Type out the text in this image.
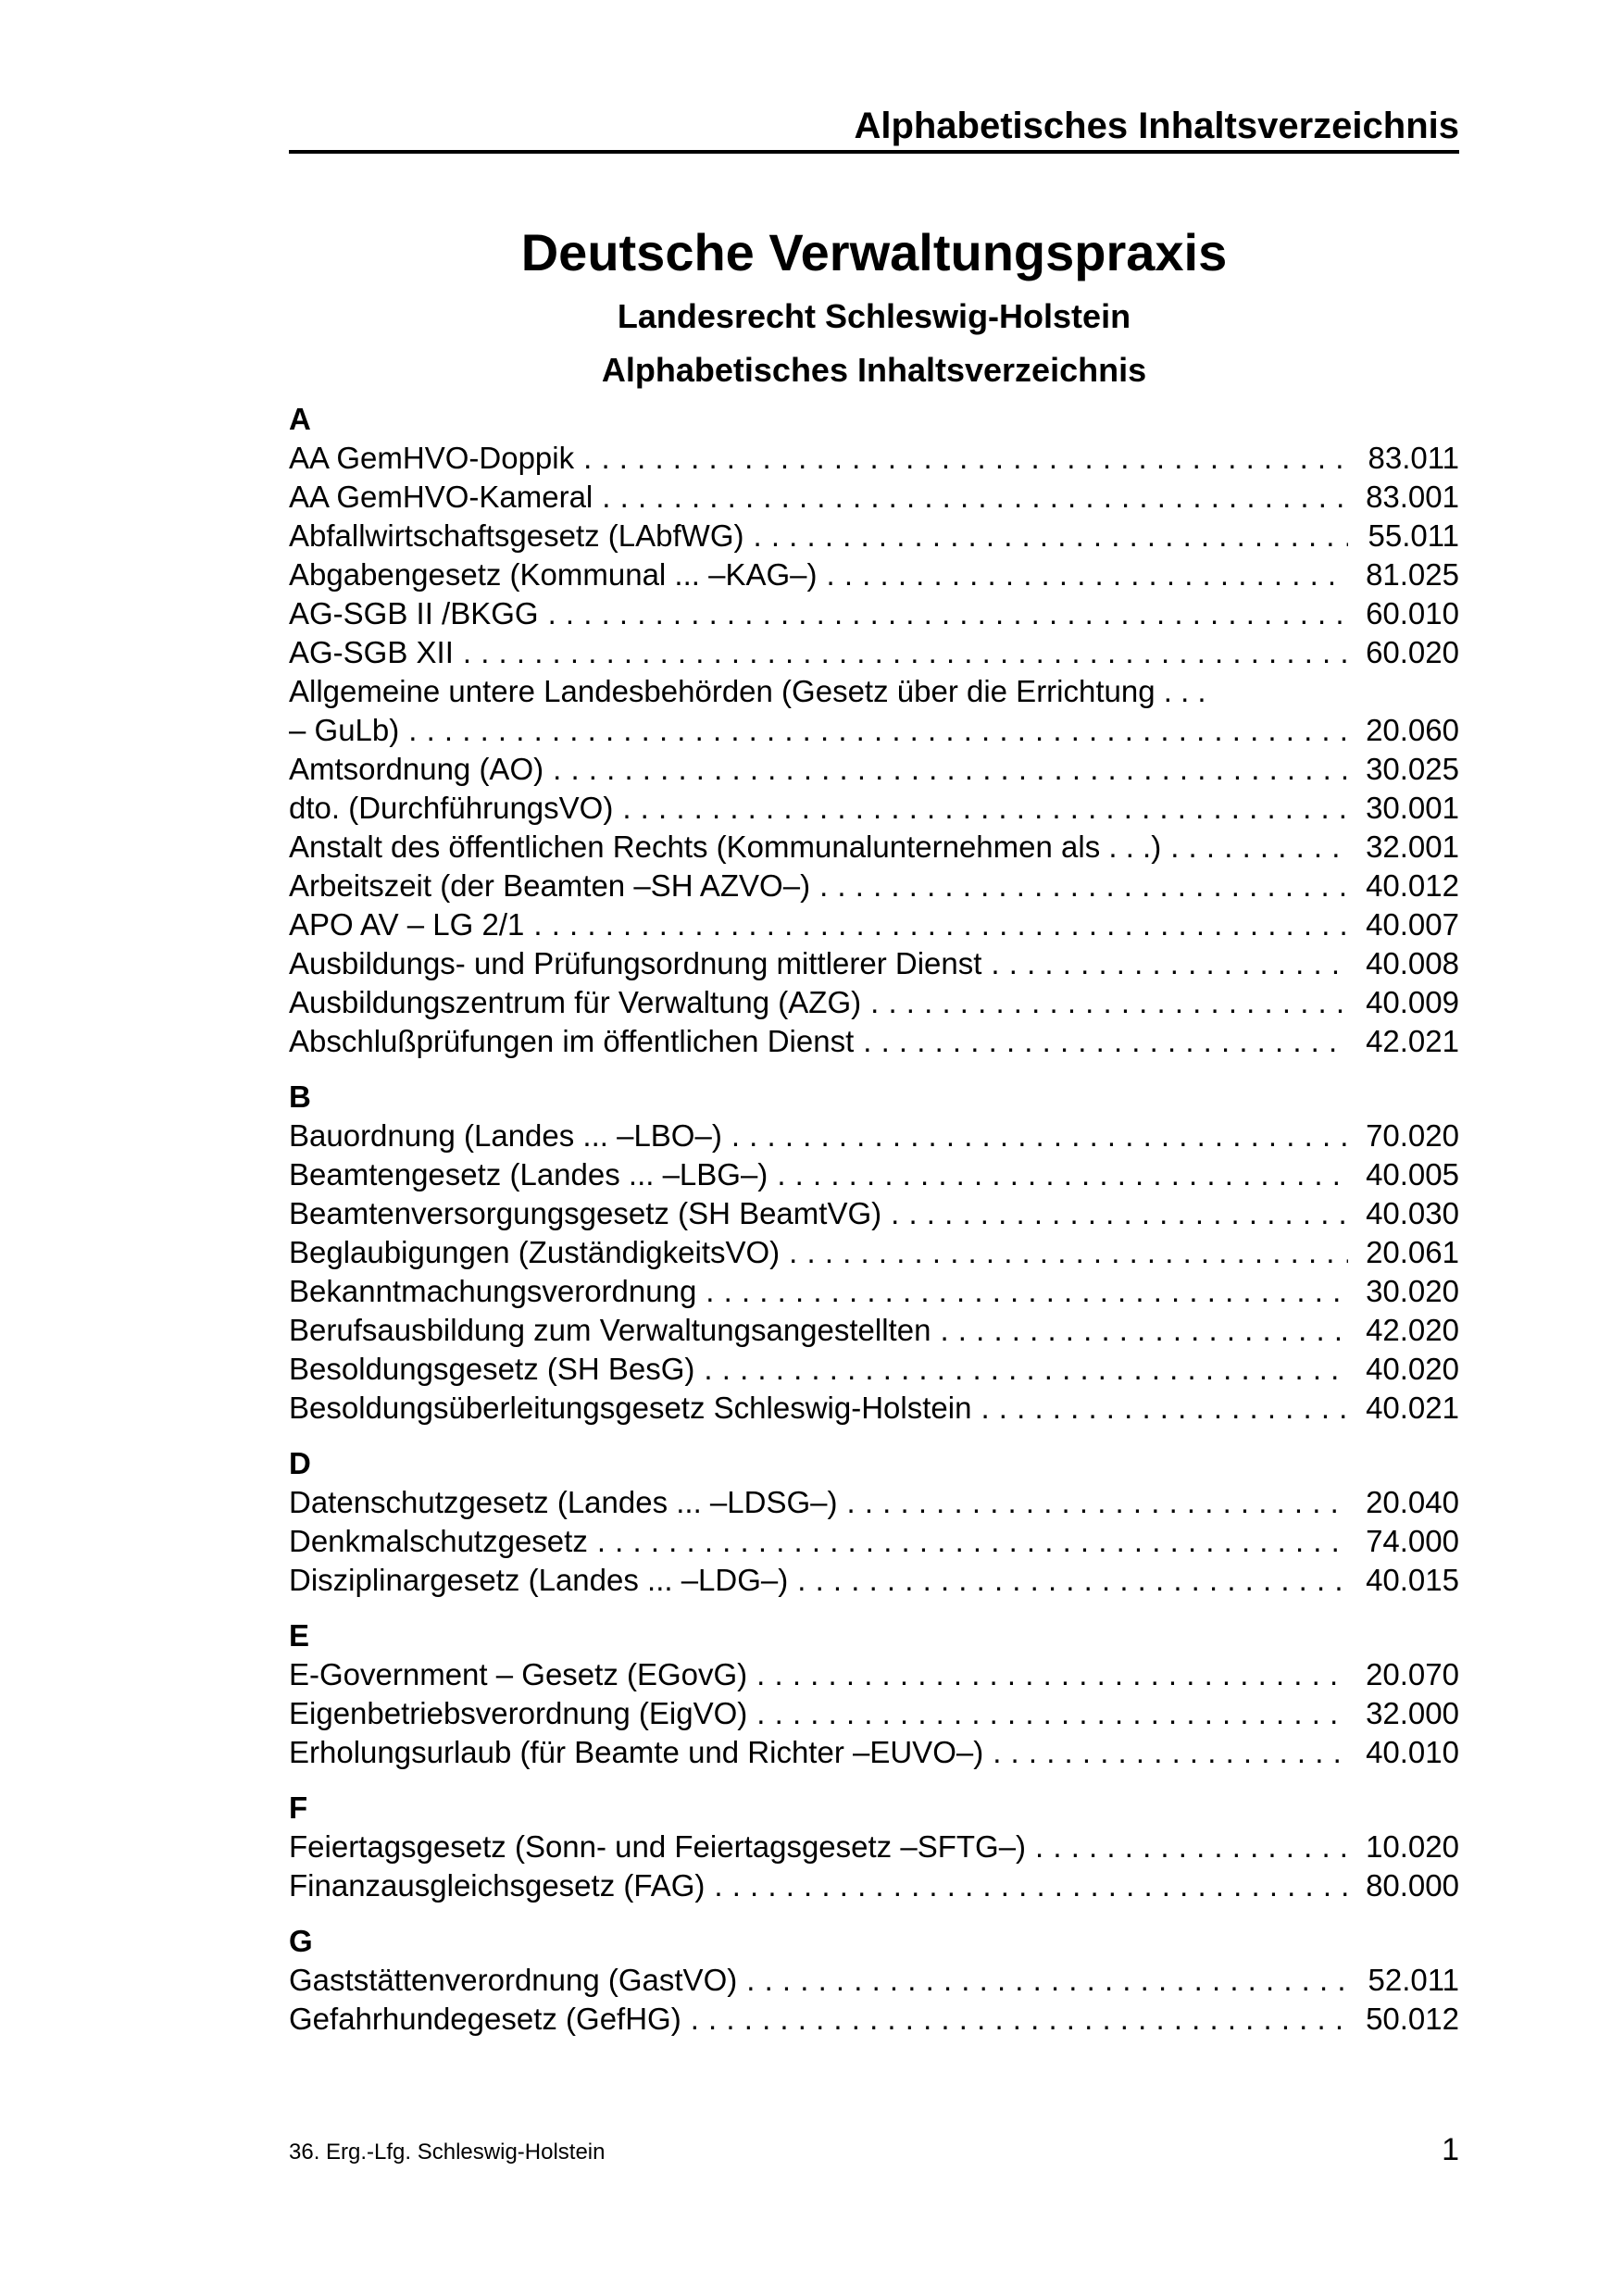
Alphabetisches Inhaltsverzeichnis
Deutsche Verwaltungspraxis
Landesrecht Schleswig-Holstein
Alphabetisches Inhaltsverzeichnis
A
AA GemHVO-Doppik . . .	83.011
AA GemHVO-Kameral . . .	83.001
Abfallwirtschaftsgesetz (LAbfWG) . . .	55.011
Abgabengesetz (Kommunal ... –KAG–) . . .	81.025
AG-SGB II /BKGG . . .	60.010
AG-SGB XII . . .	60.020
Allgemeine untere Landesbehörden (Gesetz über die Errichtung . . .
– GuLb) . . .	20.060
Amtsordnung (AO) . . .	30.025
dto. (DurchführungsVO) . . .	30.001
Anstalt des öffentlichen Rechts (Kommunalunternehmen als . . .) . . .	32.001
Arbeitszeit (der Beamten –SH AZVO–) . . .	40.012
APO AV – LG 2/1 . . .	40.007
Ausbildungs- und Prüfungsordnung mittlerer Dienst . . .	40.008
Ausbildungszentrum für Verwaltung (AZG) . . .	40.009
Abschlußprüfungen im öffentlichen Dienst . . .	42.021
B
Bauordnung (Landes ... –LBO–) . . .	70.020
Beamtengesetz (Landes ... –LBG–) . . .	40.005
Beamtenversorgungsgesetz (SH BeamtVG) . . .	40.030
Beglaubigungen (ZuständigkeitsVO) . . .	20.061
Bekanntmachungsverordnung . . .	30.020
Berufsausbildung zum Verwaltungsangestellten . . .	42.020
Besoldungsgesetz (SH BesG) . . .	40.020
Besoldungsüberleitungsgesetz Schleswig-Holstein . . .	40.021
D
Datenschutzgesetz (Landes ... –LDSG–) . . .	20.040
Denkmalschutzgesetz . . .	74.000
Disziplinargesetz (Landes ... –LDG–) . . .	40.015
E
E-Government – Gesetz (EGovG) . . .	20.070
Eigenbetriebsverordnung (EigVO) . . .	32.000
Erholungsurlaub (für Beamte und Richter –EUVO–) . . .	40.010
F
Feiertagsgesetz (Sonn- und Feiertagsgesetz –SFTG–) . . .	10.020
Finanzausgleichsgesetz (FAG) . . .	80.000
G
Gaststättenverordnung (GastVO) . . .	52.011
Gefahrhundegesetz (GefHG) . . .	50.012
36. Erg.-Lfg. Schleswig-Holstein	1
